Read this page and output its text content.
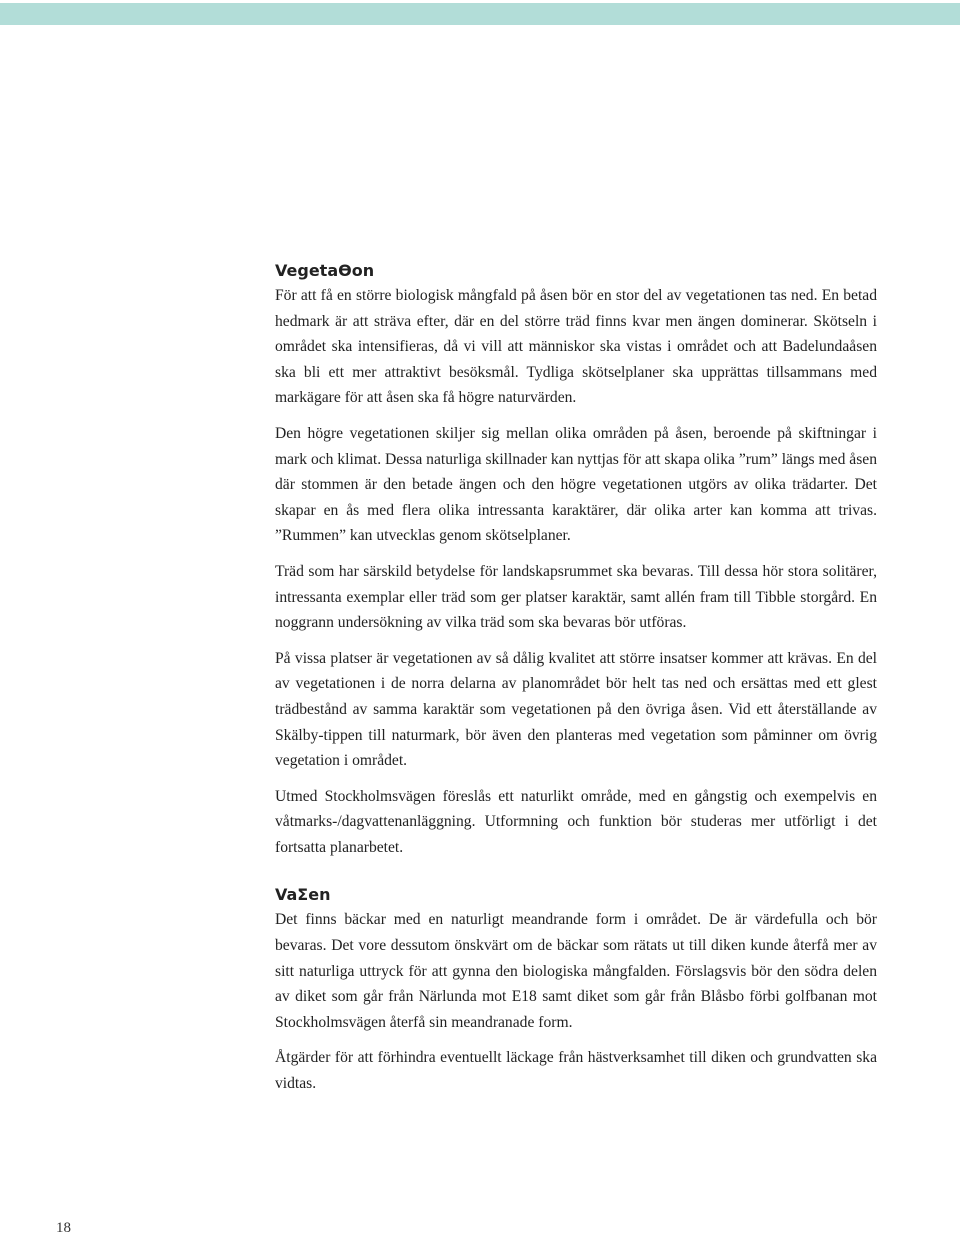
VegetaƟon

För att få en större biologisk mångfald på åsen bör en stor del av vegetationen tas ned. En betad hedmark är att sträva efter, där en del större träd finns kvar men ängen dominerar. Skötseln i området ska intensifieras, då vi vill att människor ska vistas i området och att Badelundaåsen ska bli ett mer attraktivt besöksmål. Tydliga skötselplaner ska upprättas tillsammans med markägare för att åsen ska få högre naturvärden.

Den högre vegetationen skiljer sig mellan olika områden på åsen, beroende på skiftningar i mark och klimat. Dessa naturliga skillnader kan nyttjas för att skapa olika ”rum” längs med åsen där stommen är den betade ängen och den högre vegetationen utgörs av olika trädarter. Det skapar en ås med flera olika intressanta karaktärer, där olika arter kan komma att trivas. ”Rummen” kan utvecklas genom skötselplaner.

Träd som har särskild betydelse för landskapsrummet ska bevaras. Till dessa hör stora solitärer, intressanta exemplar eller träd som ger platser karaktär, samt allén fram till Tibble storgård. En noggrann undersökning av vilka träd som ska bevaras bör utföras.

På vissa platser är vegetationen av så dålig kvalitet att större insatser kommer att krävas. En del av vegetationen i de norra delarna av planområdet bör helt tas ned och ersättas med ett glest trädbestånd av samma karaktär som vegetationen på den övriga åsen. Vid ett återställande av Skälby-tippen till naturmark, bör även den planteras med vegetation som påminner om övrig vegetation i området.

Utmed Stockholmsvägen föreslås ett naturlikt område, med en gångstig och exempelvis en våtmarks-/dagvattenanläggning. Utformning och funktion bör studeras mer utförligt i det fortsatta planarbetet.

VaΣen

Det finns bäckar med en naturligt meandrande form i området. De är värdefulla och bör bevaras. Det vore dessutom önskvärt om de bäckar som rätats ut till diken kunde återfå mer av sitt naturliga uttryck för att gynna den biologiska mångfalden. Förslagsvis bör den södra delen av diket som går från Närlunda mot E18 samt diket som går från Blåsbo förbi golfbanan mot Stockholmsvägen återfå sin meandranade form.

Åtgärder för att förhindra eventuellt läckage från hästverksamhet till diken och grundvatten ska vidtas.

18
